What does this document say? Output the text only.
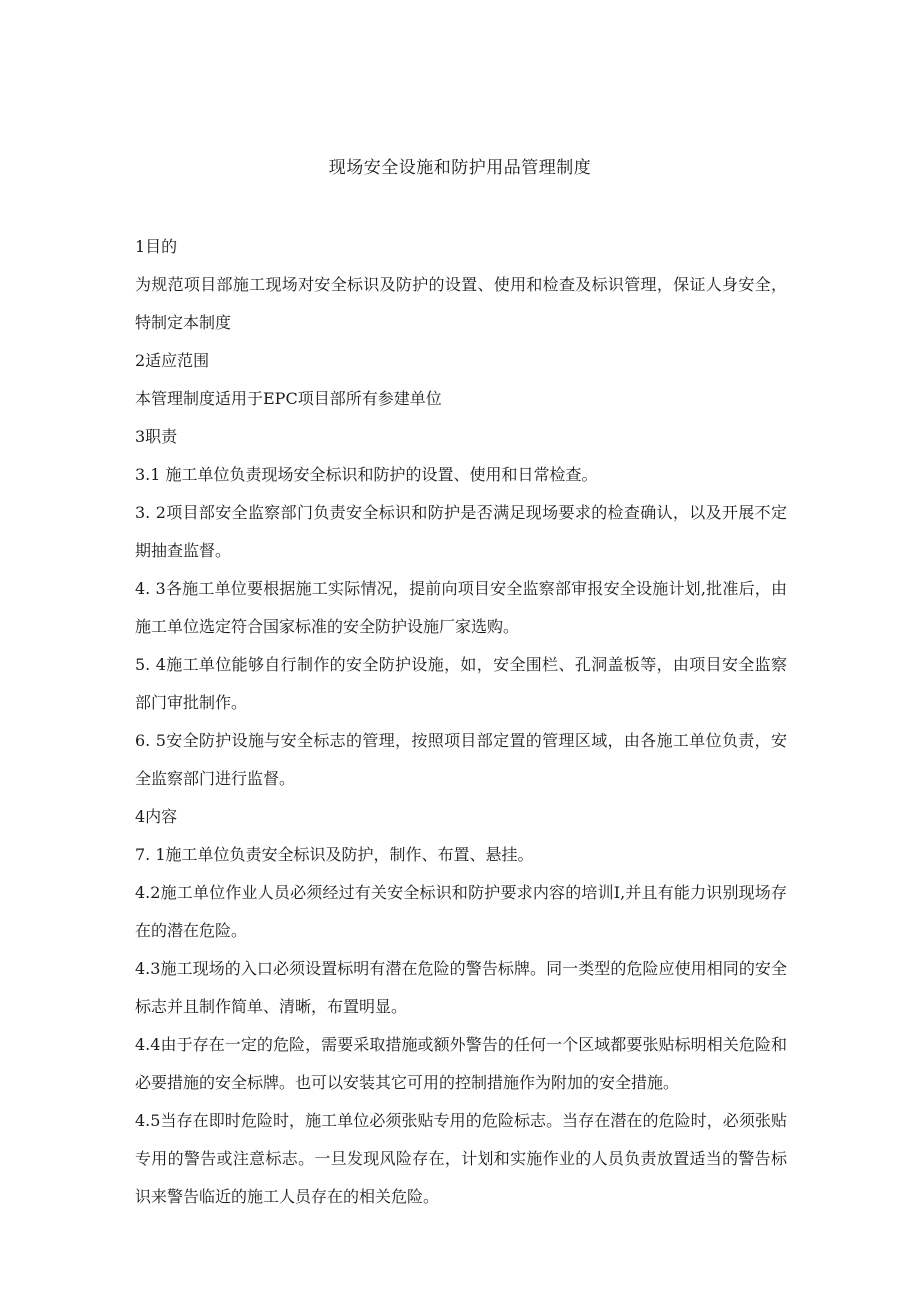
现场安全设施和防护用品管理制度

1目的

为规范项目部施工现场对安全标识及防护的设置、使用和检查及标识管理，保证人身安全，特制定本制度

2适应范围

本管理制度适用于EPC项目部所有参建单位

3职责

3.1 施工单位负责现场安全标识和防护的设置、使用和日常检查。

3. 2项目部安全监察部门负责安全标识和防护是否满足现场要求的检查确认，以及开展不定期抽查监督。

4. 3各施工单位要根据施工实际情况，提前向项目安全监察部审报安全设施计划,批准后，由施工单位选定符合国家标准的安全防护设施厂家选购。

5. 4施工单位能够自行制作的安全防护设施，如，安全围栏、孔洞盖板等，由项目安全监察部门审批制作。

6. 5安全防护设施与安全标志的管理，按照项目部定置的管理区域，由各施工单位负责，安全监察部门进行监督。

4内容

7. 1施工单位负责安全标识及防护，制作、布置、悬挂。

4.2施工单位作业人员必须经过有关安全标识和防护要求内容的培训I,并且有能力识别现场存在的潜在危险。

4.3施工现场的入口必须设置标明有潜在危险的警告标牌。同一类型的危险应使用相同的安全标志并且制作简单、清晰，布置明显。

4.4由于存在一定的危险，需要采取措施或额外警告的任何一个区域都要张贴标明相关危险和必要措施的安全标牌。也可以安装其它可用的控制措施作为附加的安全措施。

4.5当存在即时危险时，施工单位必须张贴专用的危险标志。当存在潜在的危险时，必须张贴专用的警告或注意标志。一旦发现风险存在，计划和实施作业的人员负责放置适当的警告标识来警告临近的施工人员存在的相关危险。
